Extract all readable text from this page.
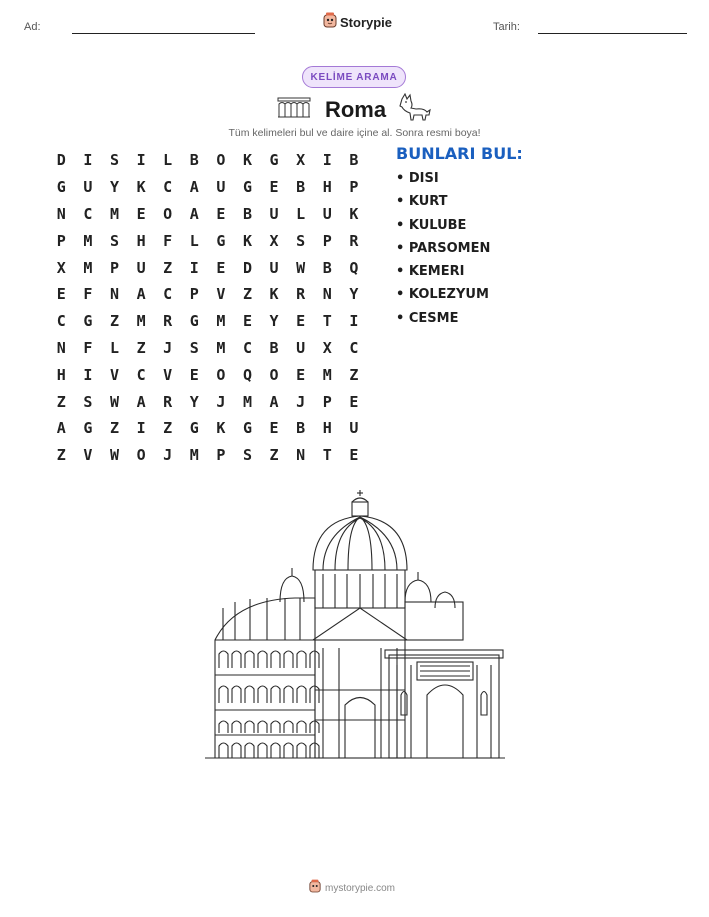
Ad:	Storypie	Tarih:
KELİME ARAMA
Roma
Tüm kelimeleri bul ve daire içine al. Sonra resmi boya!
D	I	S	I	L	B	O	K	G	X	I	B
G	U	Y	K	C	A	U	G	E	B	H	P
N	C	M	E	O	A	E	B	U	L	U	K
P	M	S	H	F	L	G	K	X	S	P	R
X	M	P	U	Z	I	E	D	U	W	B	Q
E	F	N	A	C	P	V	Z	K	R	N	Y
C	G	Z	M	R	G	M	E	Y	E	T	I
N	F	L	Z	J	S	M	C	B	U	X	C
H	I	V	C	V	E	O	Q	O	E	M	Z
Z	S	W	A	R	Y	J	M	A	J	P	E
A	G	Z	I	Z	G	K	G	E	B	H	U
Z	V	W	O	J	M	P	S	Z	N	T	E
BUNLARI BUL:
• DISI
• KURT
• KULUBE
• PARSOMEN
• KEMERI
• KOLEZYUM
• CESME
mystorypie.com
